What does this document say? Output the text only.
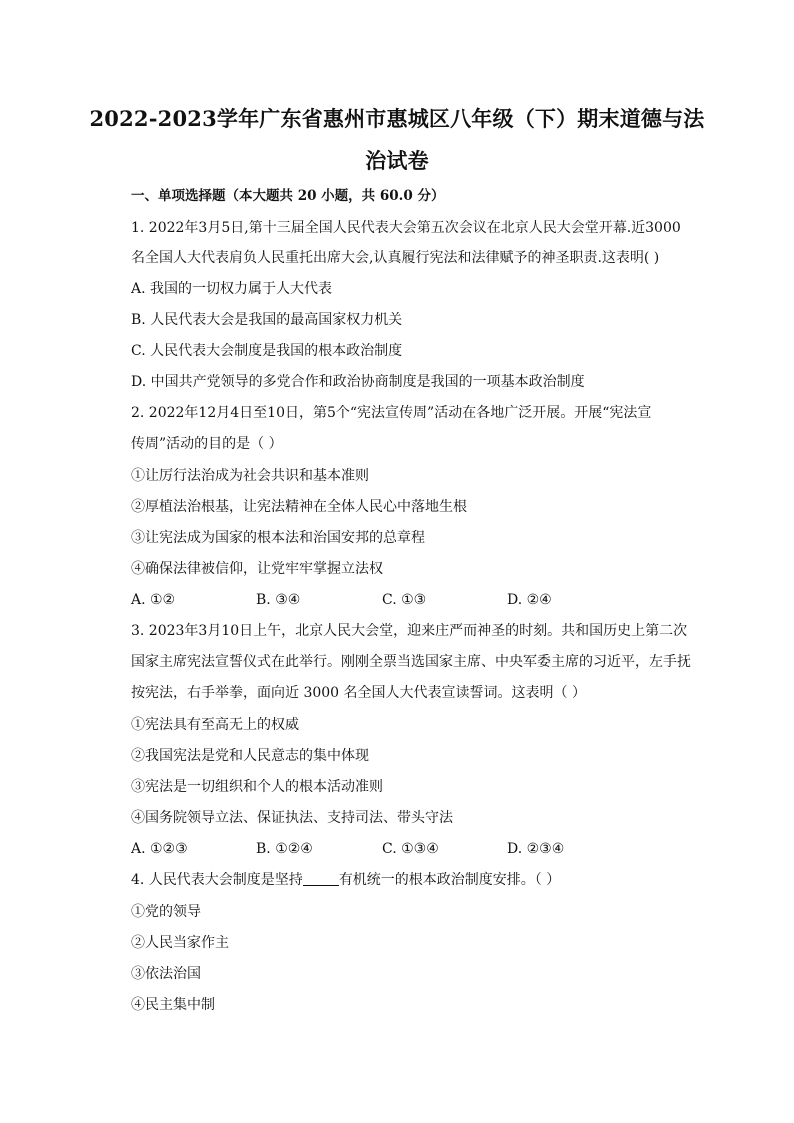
2022-2023学年广东省惠州市惠城区八年级（下）期末道德与法
治试卷
一、单项选择题（本大题共 20 小题，共 60.0 分）
1. 2022年3月5日,第十三届全国人民代表大会第五次会议在北京人民大会堂开幕.近3000
名全国人大代表肩负人民重托出席大会,认真履行宪法和法律赋予的神圣职责.这表明( )
A. 我国的一切权力属于人大代表
B. 人民代表大会是我国的最高国家权力机关
C. 人民代表大会制度是我国的根本政治制度
D. 中国共产党领导的多党合作和政治协商制度是我国的一项基本政治制度
2. 2022年12月4日至10日，第5个“宪法宣传周”活动在各地广泛开展。开展“宪法宣
传周”活动的目的是（ ）
①让厉行法治成为社会共识和基本准则
②厚植法治根基，让宪法精神在全体人民心中落地生根
③让宪法成为国家的根本法和治国安邦的总章程
④确保法律被信仰，让党牢牢掌握立法权
A. ①②	B. ③④	C. ①③	D. ②④
3. 2023年3月10日上午，北京人民大会堂，迎来庄严而神圣的时刻。共和国历史上第二次
国家主席宪法宣誓仪式在此举行。刚刚全票当选国家主席、中央军委主席的习近平，左手抚
按宪法，右手举拳，面向近 3000 名全国人大代表宣读誓词。这表明（ ）
①宪法具有至高无上的权威
②我国宪法是党和人民意志的集中体现
③宪法是一切组织和个人的根本活动准则
④国务院领导立法、保证执法、支持司法、带头守法
A. ①②③	B. ①②④	C. ①③④	D. ②③④
4. 人民代表大会制度是坚持	有机统一的根本政治制度安排。（ ）
①党的领导
②人民当家作主
③依法治国
④民主集中制
